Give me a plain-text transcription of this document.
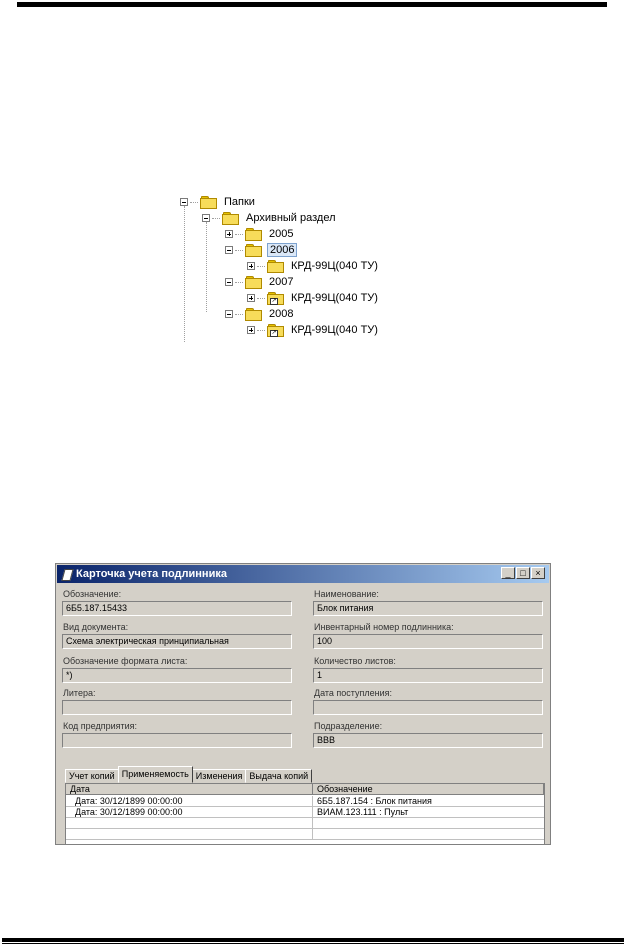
Папки
Архивный раздел
2005
2006
КРД-99Ц(040 ТУ)
2007
↗ КРД-99Ц(040 ТУ)
2008
↗ КРД-99Ц(040 ТУ)
Карточка учета подлинника	_	□	×
Обозначение:
6Б5.187.15433
Вид документа:
Схема электрическая принципиальная
Обозначение формата листа:
*)
Литера:
Код предприятия:
Наименование:
Блок питания
Инвентарный номер подлинника:
100
Количество листов:
1
Дата поступления:
Подразделение:
ВВВ
Учет копий Применяемость Изменения Выдача копий
Дата	Обозначение
Дата: 30/12/1899 00:00:00	6Б5.187.154 : Блок питания
Дата: 30/12/1899 00:00:00	ВИАМ.123.111 : Пульт
